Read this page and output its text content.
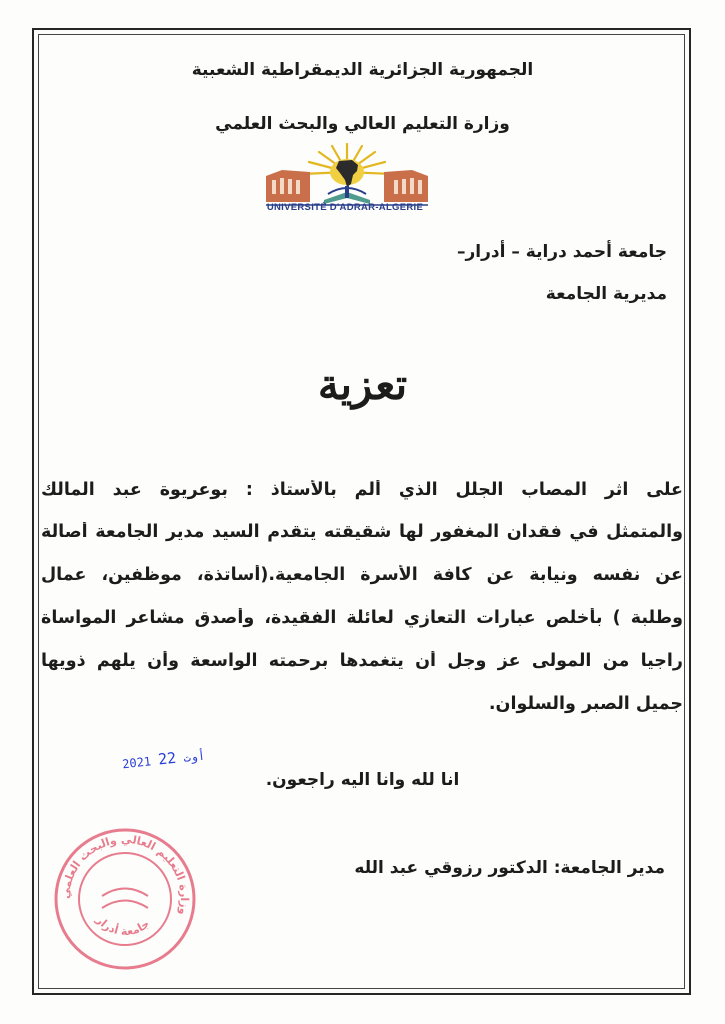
الجمهورية الجزائرية الديمقراطية الشعبية
وزارة التعليم العالي والبحث العلمي
UNIVERSITÉ D'ADRAR-ALGERIE
جامعة أحمد دراية – أدرار–
مديرية الجامعة
تعزية
على اثر المصاب الجلل الذي ألم بالأستاذ : بوعريوة عبد المالك
والمتمثل في فقدان المغفور لها شقيقته يتقدم السيد مدير الجامعة أصالة
عن نفسه ونيابة عن كافة الأسرة الجامعية.(أساتذة، موظفين، عمال
وطلبة ) بأخلص عبارات التعازي لعائلة الفقيدة، وأصدق مشاعر المواساة
راجيا من المولى عز وجل أن يتغمدها برحمته الواسعة وأن يلهم ذويها
جميل الصبر والسلوان.
2021	أوت 22
انا لله وانا اليه راجعون.
مدير الجامعة: الدكتور رزوقي عبد الله
وزارة التعليم العالي والبحث العلمي
جامعة أدرار
